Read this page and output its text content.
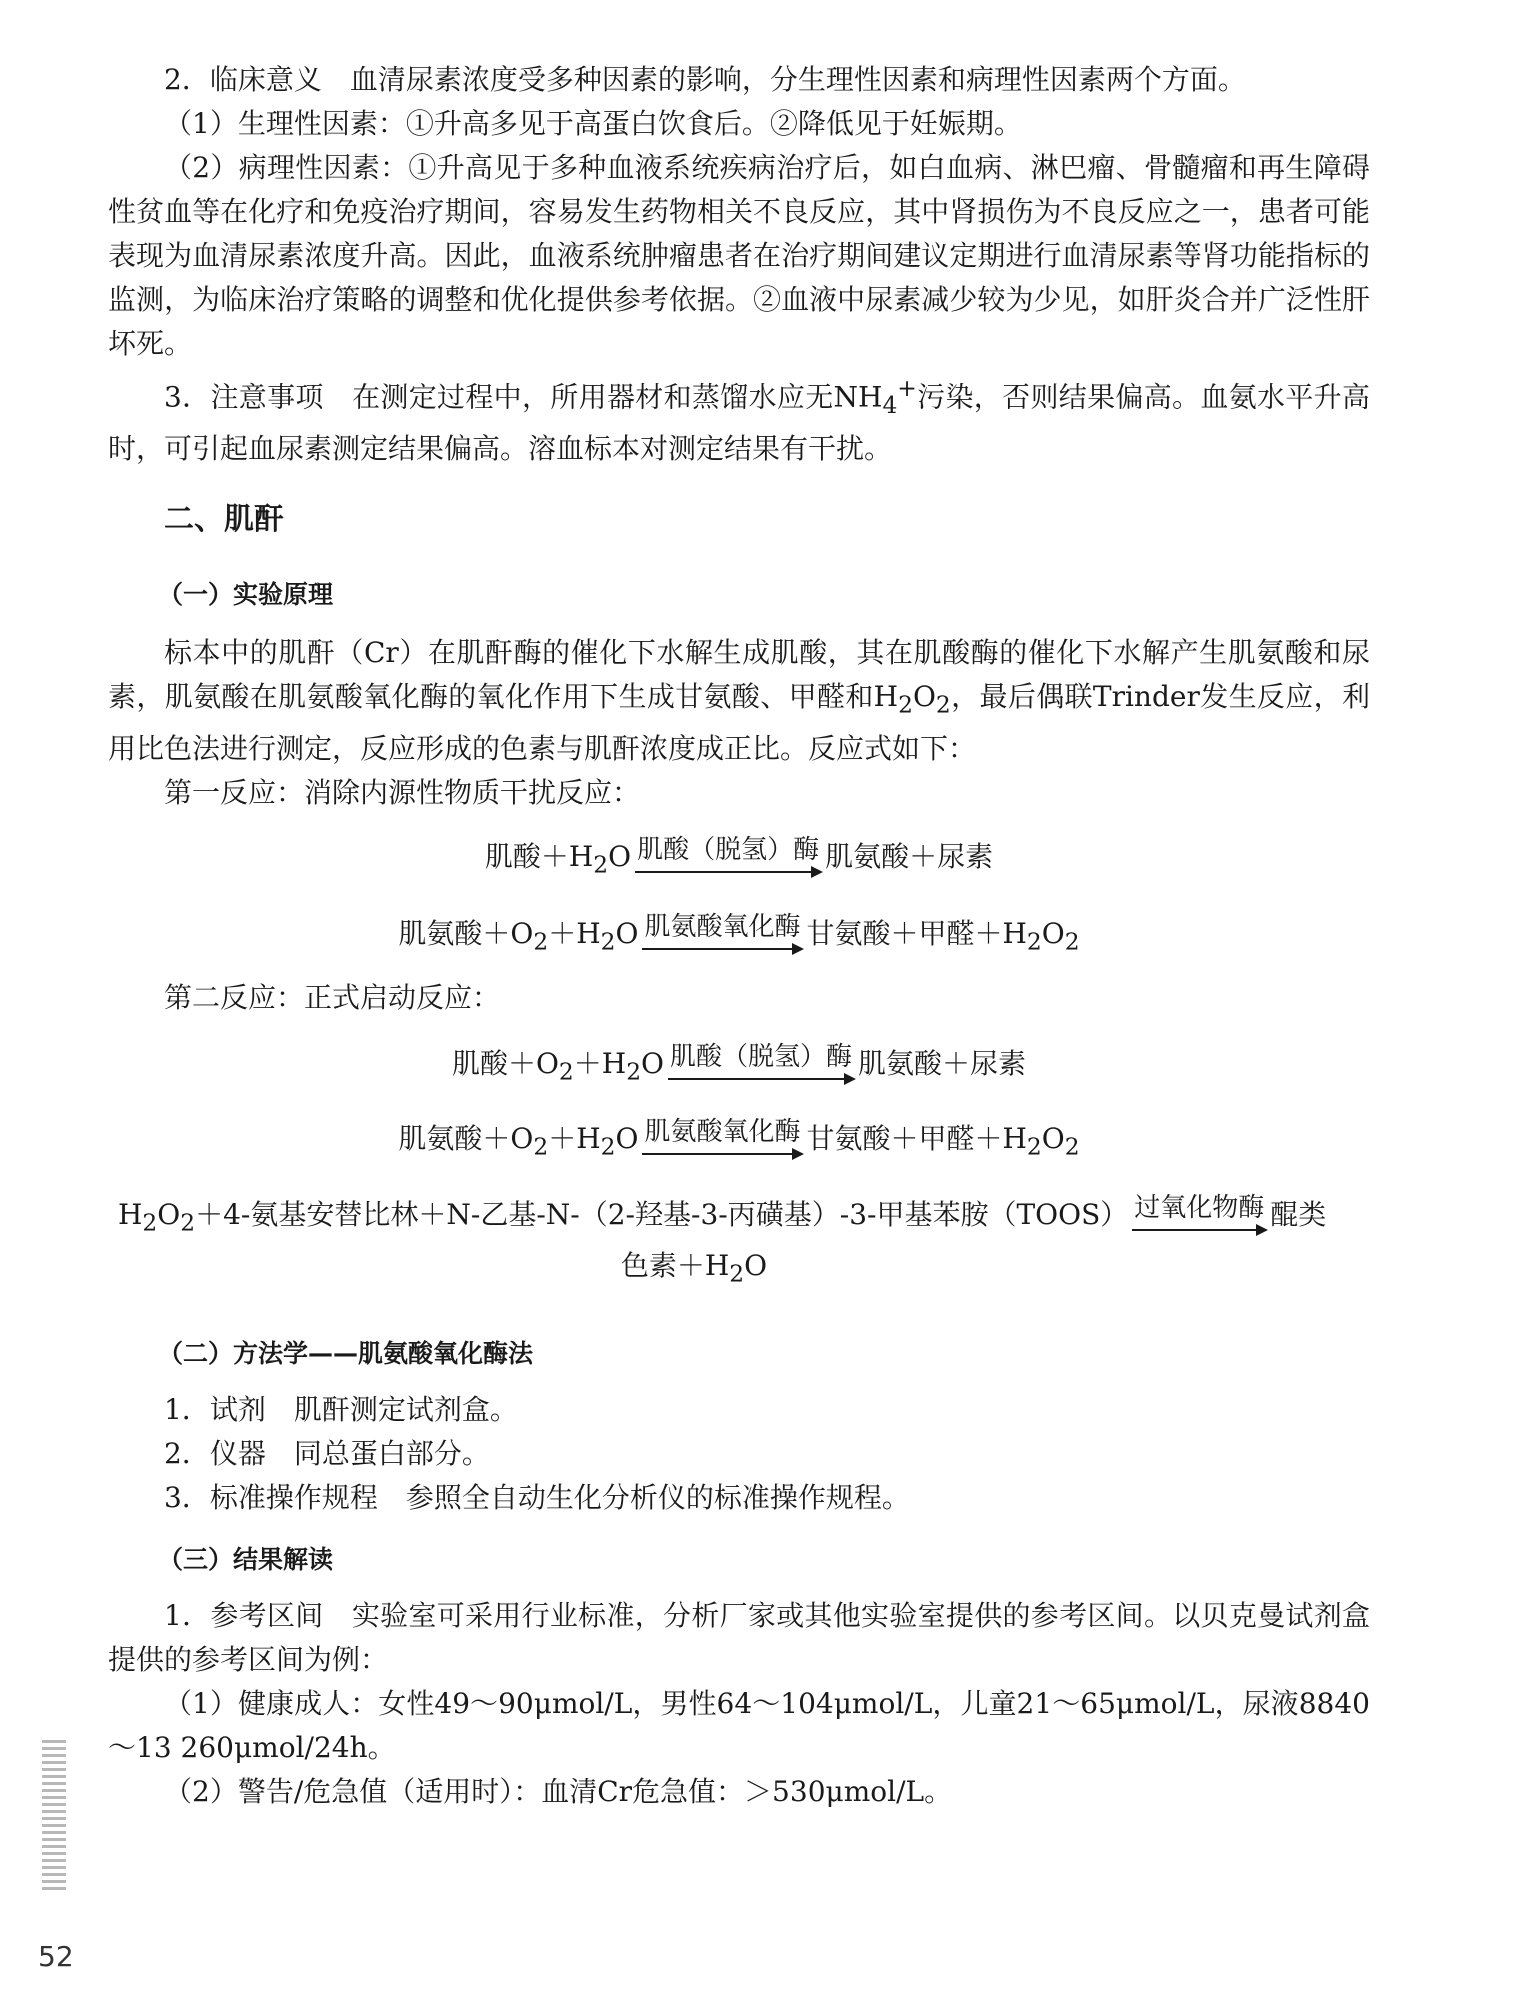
2．临床意义　血清尿素浓度受多种因素的影响，分生理性因素和病理性因素两个方面。

（1）生理性因素：①升高多见于高蛋白饮食后。②降低见于妊娠期。

（2）病理性因素：①升高见于多种血液系统疾病治疗后，如白血病、淋巴瘤、骨髓瘤和再生障碍性贫血等在化疗和免疫治疗期间，容易发生药物相关不良反应，其中肾损伤为不良反应之一，患者可能表现为血清尿素浓度升高。因此，血液系统肿瘤患者在治疗期间建议定期进行血清尿素等肾功能指标的监测，为临床治疗策略的调整和优化提供参考依据。②血液中尿素减少较为少见，如肝炎合并广泛性肝坏死。

3．注意事项　在测定过程中，所用器材和蒸馏水应无$NH_4^+$污染，否则结果偏高。血氨水平升高时，可引起血尿素测定结果偏高。溶血标本对测定结果有干扰。

二、肌酐
（一）实验原理

标本中的肌酐（Cr）在肌酐酶的催化下水解生成肌酸，其在肌酸酶的催化下水解产生肌氨酸和尿素，肌氨酸在肌氨酸氧化酶的氧化作用下生成甘氨酸、甲醛和$H_2O_2$，最后偶联Trinder发生反应，利用比色法进行测定，反应形成的色素与肌酐浓度成正比。反应式如下：

第一反应：消除内源性物质干扰反应：

肌酸$+H_2O$ 肌酸（脱氢）酶 肌氨酸＋尿素

肌氨酸$+O_2+H_2O$ 肌氨酸氧化酶 甘氨酸＋甲醛$+H_2O_2$

第二反应：正式启动反应：

肌酸$+O_2+H_2O$ 肌酸（脱氢）酶 肌氨酸＋尿素

肌氨酸$+O_2+H_2O$ 肌氨酸氧化酶 甘氨酸＋甲醛$+H_2O_2$

$H_2O_2+4-$氨基安替比林＋N-乙基-N-（2-羟基-3-丙磺基）-3-甲基苯胺（TOOS） 过氧化物酶 醌类

色素$+H_2O$

（二）方法学——肌氨酸氧化酶法

1．试剂　肌酐测定试剂盒。

2．仪器　同总蛋白部分。

3．标准操作规程　参照全自动生化分析仪的标准操作规程。

（三）结果解读

1．参考区间　实验室可采用行业标准，分析厂家或其他实验室提供的参考区间。以贝克曼试剂盒提供的参考区间为例：

（1）健康成人：女性49～90μmol/L，男性64～104μmol/L，儿童21～65μmol/L，尿液8840～13 260μmol/24h。

（2）警告/危急值（适用时）：血清Cr危急值：＞530μmol/L。

52
